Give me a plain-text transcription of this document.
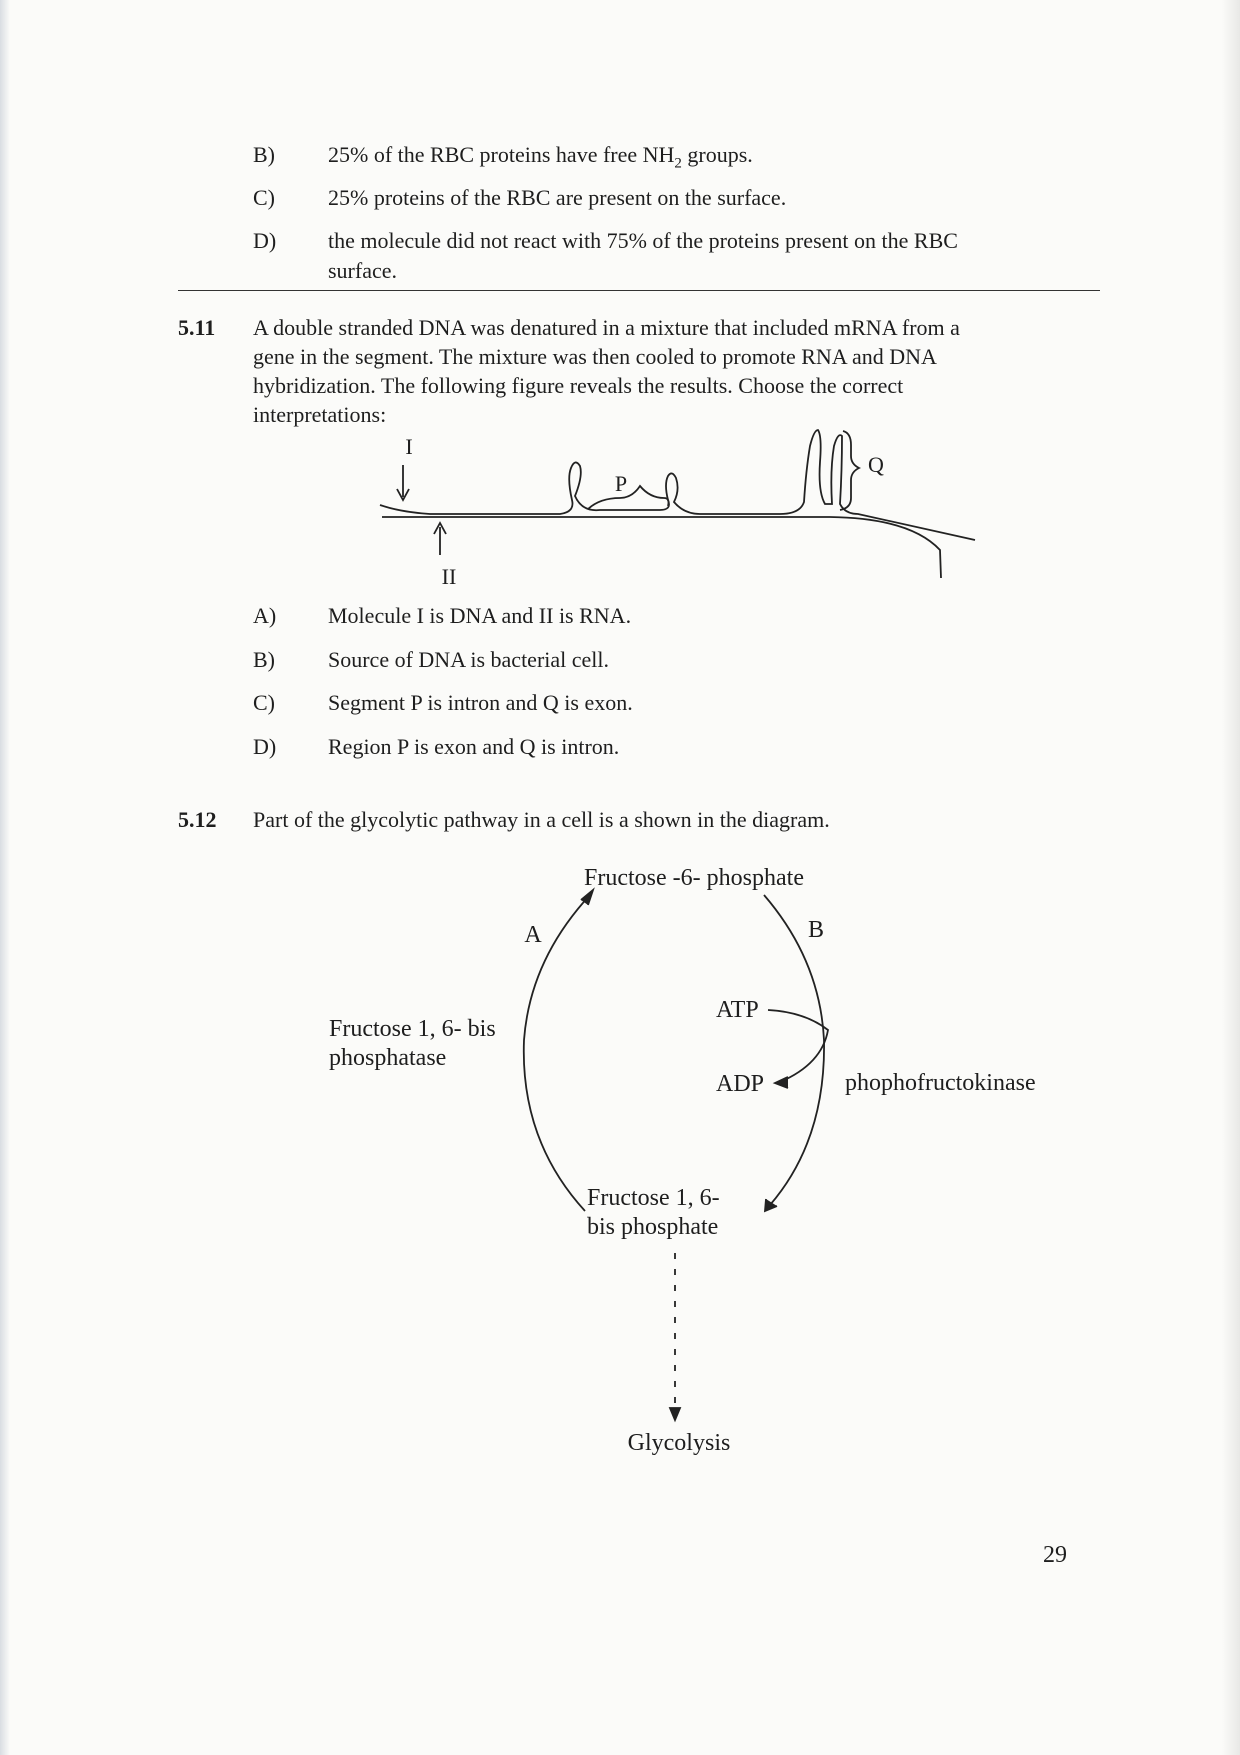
B) 25% of the RBC proteins have free $NH_2$ groups.
C) 25% proteins of the RBC are present on the surface.
D) the molecule did not react with 75% of the proteins present on the RBC
surface.
5.11 A double stranded DNA was denatured in a mixture that included mRNA from a
gene in the segment. The mixture was then cooled to promote RNA and DNA
hybridization. The following figure reveals the results. Choose the correct
interpretations:
I
II
P
Q
A) Molecule I is DNA and II is RNA.
B) Source of DNA is bacterial cell.
C) Segment P is intron and Q is exon.
D) Region P is exon and Q is intron.
5.12 Part of the glycolytic pathway in a cell is a shown in the diagram.
Fructose -6- phosphate
A	B
Fructose 1, 6- bis
phosphatase
ATP
ADP	phophofructokinase
Fructose 1, 6-
bis phosphate
Glycolysis
29
